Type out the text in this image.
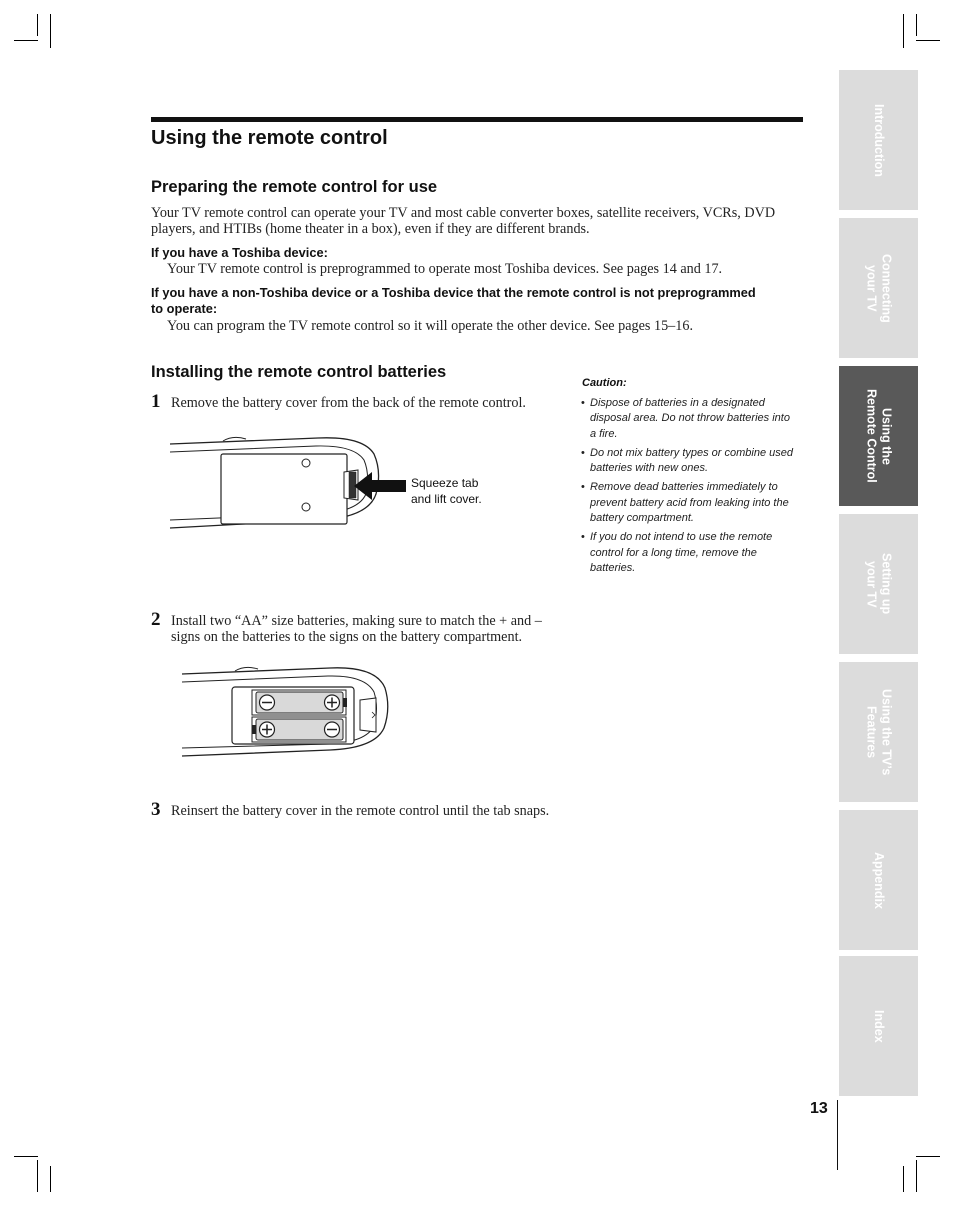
Using the remote control
Preparing the remote control for use
Your TV remote control can operate your TV and most cable converter boxes, satellite receivers, VCRs, DVD
players, and HTIBs (home theater in a box), even if they are different brands.
If you have a Toshiba device:
Your TV remote control is preprogrammed to operate most Toshiba devices. See pages 14 and 17.
If you have a non-Toshiba device or a Toshiba device that the remote control is not preprogrammed
to operate:
You can program the TV remote control so it will operate the other device. See pages 15–16.
Installing the remote control batteries
1 Remove the battery cover from the back of the remote control.
Squeeze tab
and lift cover.
2 Install two “AA” size batteries, making sure to match the + and –
signs on the batteries to the signs on the battery compartment.
3 Reinsert the battery cover in the remote control until the tab snaps.
Caution:
• Dispose of batteries in a designated
disposal area. Do not throw batteries into
a fire.
• Do not mix battery types or combine used
batteries with new ones.
• Remove dead batteries immediately to
prevent battery acid from leaking into the
battery compartment.
• If you do not intend to use the remote
control for a long time, remove the
batteries.
Introduction
Connecting
your TV
Using the
Remote Control
Setting up
your TV
Using the TV’s
Features
Appendix
Index
13
